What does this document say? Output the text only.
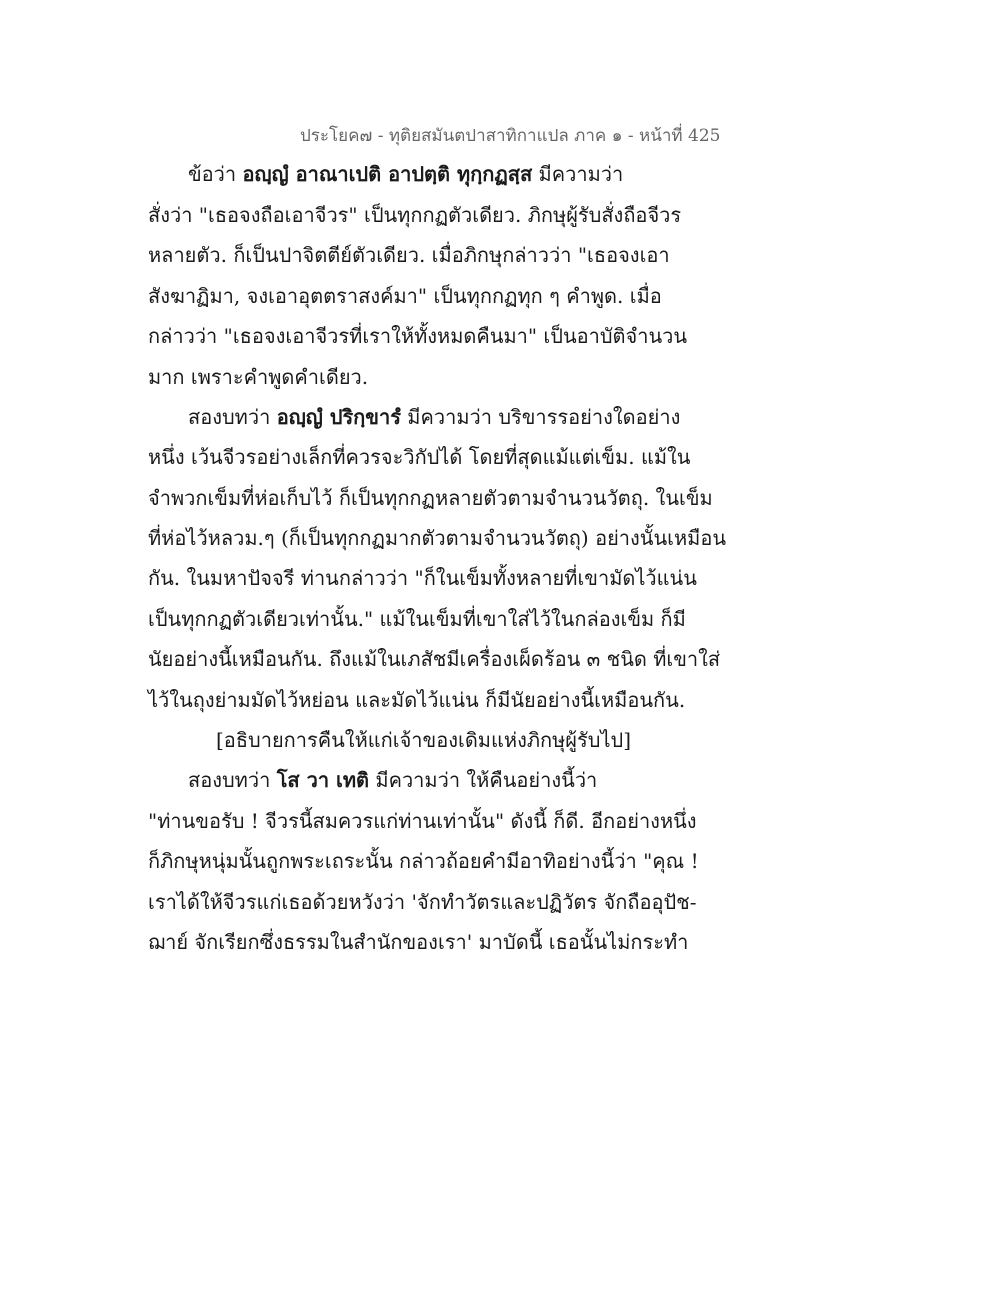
ประโยค๗ - ทุติยสมันตปาสาทิกาแปล ภาค ๑ - หน้าที่ 425
ข้อว่า อญฺญํ อาณาเปติ อาปตฺติ ทุกฺกฏสฺส มีความว่า
สั่งว่า "เธอจงถือเอาจีวร" เป็นทุกกฏตัวเดียว. ภิกษุผู้รับสั่งถือจีวร
หลายตัว. ก็เป็นปาจิตตีย์ตัวเดียว. เมื่อภิกษุกล่าวว่า "เธอจงเอา
สังฆาฏิมา, จงเอาอุตตราสงค์มา" เป็นทุกกฏทุก ๆ คำพูด. เมื่อ
กล่าวว่า "เธอจงเอาจีวรที่เราให้ทั้งหมดคืนมา" เป็นอาบัติจำนวน
มาก เพราะคำพูดคำเดียว.
สองบทว่า อญฺญํ ปริกฺขารํ มีความว่า บริขารรอย่างใดอย่าง
หนึ่ง เว้นจีวรอย่างเล็กที่ควรจะวิกัปได้ โดยที่สุดแม้แต่เข็ม. แม้ใน
จำพวกเข็มที่ห่อเก็บไว้ ก็เป็นทุกกฏหลายตัวตามจำนวนวัตถุ. ในเข็ม
ที่ห่อไว้หลวม.ๆ (ก็เป็นทุกกฏมากตัวตามจำนวนวัตถุ) อย่างนั้นเหมือน
กัน. ในมหาปัจจรี ท่านกล่าวว่า "ก็ในเข็มทั้งหลายที่เขามัดไว้แน่น
เป็นทุกกฏตัวเดียวเท่านั้น." แม้ในเข็มที่เขาใส่ไว้ในกล่องเข็ม ก็มี
นัยอย่างนี้เหมือนกัน. ถึงแม้ในเภสัชมีเครื่องเผ็ดร้อน ๓ ชนิด ที่เขาใส่
ไว้ในถุงย่ามมัดไว้หย่อน และมัดไว้แน่น ก็มีนัยอย่างนี้เหมือนกัน.
[อธิบายการคืนให้แก่เจ้าของเดิมแห่งภิกษุผู้รับไป]
สองบทว่า โส วา เทติ มีความว่า ให้คืนอย่างนี้ว่า
"ท่านขอรับ ! จีวรนี้สมควรแก่ท่านเท่านั้น" ดังนี้ ก็ดี. อีกอย่างหนึ่ง
ก็ภิกษุหนุ่มนั้นถูกพระเถระนั้น กล่าวถ้อยคำมีอาทิอย่างนี้ว่า "คุณ !
เราได้ให้จีวรแก่เธอด้วยหวังว่า 'จักทำวัตรและปฏิวัตร จักถืออุปัช-
ฌาย์ จักเรียกซึ่งธรรมในสำนักของเรา' มาบัดนี้ เธอนั้นไม่กระทำ
